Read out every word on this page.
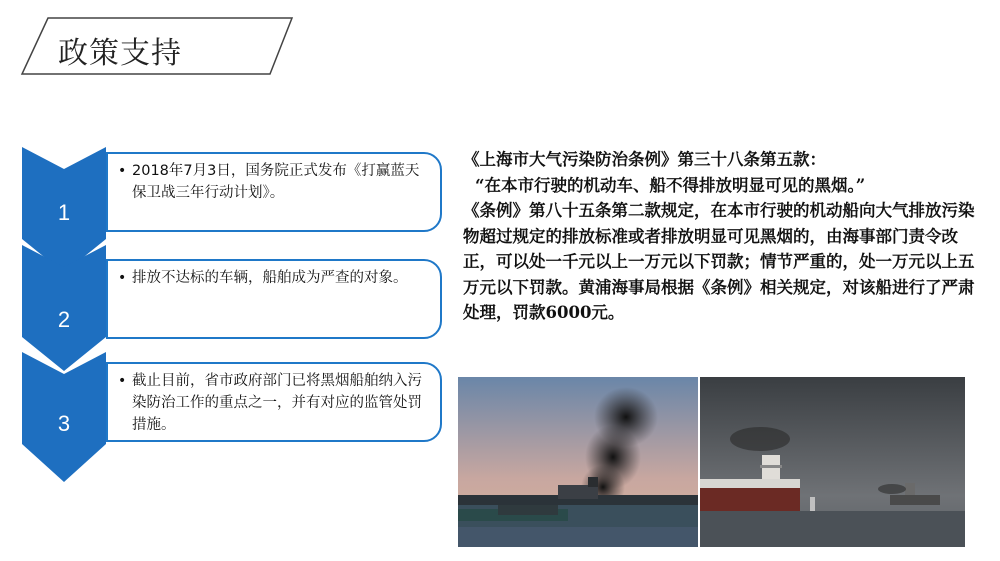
政策支持
1
• 2018年7月3日，国务院正式发布《打赢蓝天保卫战三年行动计划》。
2
• 排放不达标的车辆，船舶成为严查的对象。
3
• 截止目前，省市政府部门已将黑烟船舶纳入污染防治工作的重点之一，并有对应的监管处罚措施。

《上海市大气污染防治条例》第三十八条第五款：

“在本市行驶的机动车、船不得排放明显可见的黑烟。”

《条例》第八十五条第二款规定，在本市行驶的机动船向大气排放污染物超过规定的排放标准或者排放明显可见黑烟的，由海事部门责令改正，可以处一千元以上一万元以下罚款；情节严重的，处一万元以上五万元以下罚款。黄浦海事局根据《条例》相关规定，对该船进行了严肃处理，罚款6000元。
